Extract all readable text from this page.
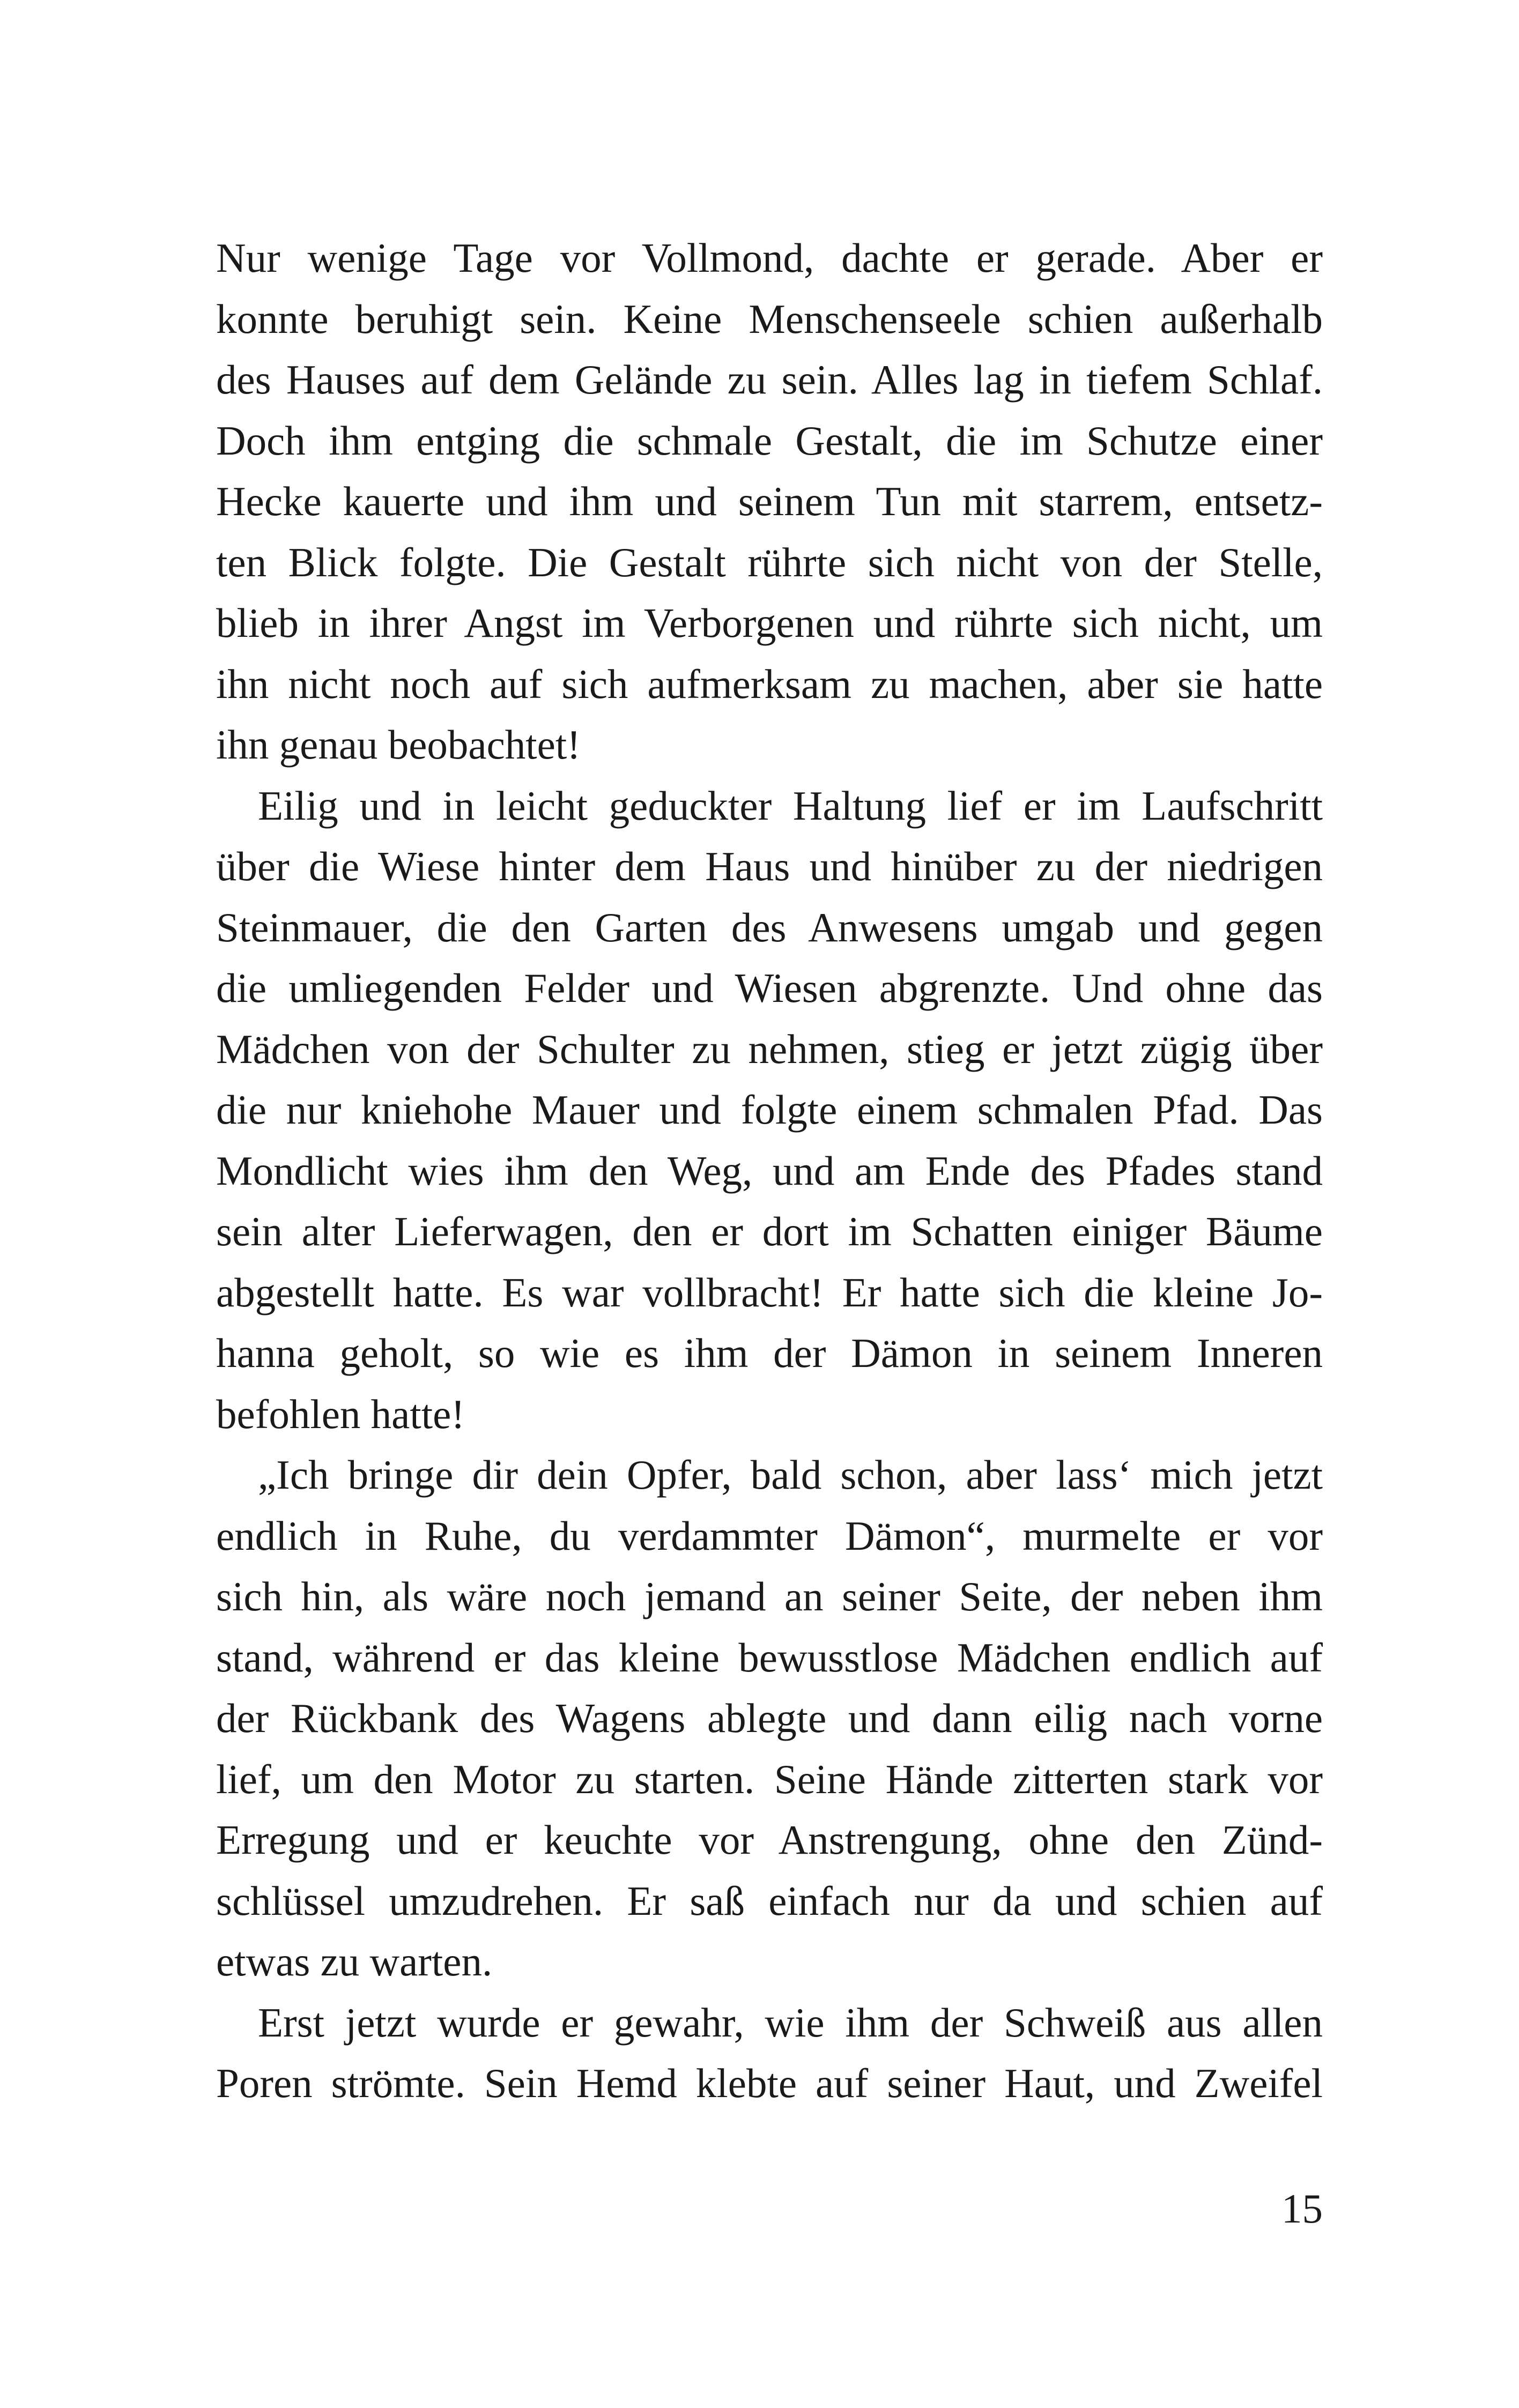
Nur wenige Tage vor Vollmond, dachte er gerade. Aber er
konnte beruhigt sein. Keine Menschenseele schien außerhalb
des Hauses auf dem Gelände zu sein. Alles lag in tiefem Schlaf.
Doch ihm entging die schmale Gestalt, die im Schutze einer
Hecke kauerte und ihm und seinem Tun mit starrem, entsetz-
ten Blick folgte. Die Gestalt rührte sich nicht von der Stelle,
blieb in ihrer Angst im Verborgenen und rührte sich nicht, um
ihn nicht noch auf sich aufmerksam zu machen, aber sie hatte
ihn genau beobachtet!
Eilig und in leicht geduckter Haltung lief er im Laufschritt
über die Wiese hinter dem Haus und hinüber zu der niedrigen
Steinmauer, die den Garten des Anwesens umgab und gegen
die umliegenden Felder und Wiesen abgrenzte. Und ohne das
Mädchen von der Schulter zu nehmen, stieg er jetzt zügig über
die nur kniehohe Mauer und folgte einem schmalen Pfad. Das
Mondlicht wies ihm den Weg, und am Ende des Pfades stand
sein alter Lieferwagen, den er dort im Schatten einiger Bäume
abgestellt hatte. Es war vollbracht! Er hatte sich die kleine Jo-
hanna geholt, so wie es ihm der Dämon in seinem Inneren
befohlen hatte!
„Ich bringe dir dein Opfer, bald schon, aber lass‘ mich jetzt
endlich in Ruhe, du verdammter Dämon“, murmelte er vor
sich hin, als wäre noch jemand an seiner Seite, der neben ihm
stand, während er das kleine bewusstlose Mädchen endlich auf
der Rückbank des Wagens ablegte und dann eilig nach vorne
lief, um den Motor zu starten. Seine Hände zitterten stark vor
Erregung und er keuchte vor Anstrengung, ohne den Zünd-
schlüssel umzudrehen. Er saß einfach nur da und schien auf
etwas zu warten.
Erst jetzt wurde er gewahr, wie ihm der Schweiß aus allen
Poren strömte. Sein Hemd klebte auf seiner Haut, und Zweifel
15
